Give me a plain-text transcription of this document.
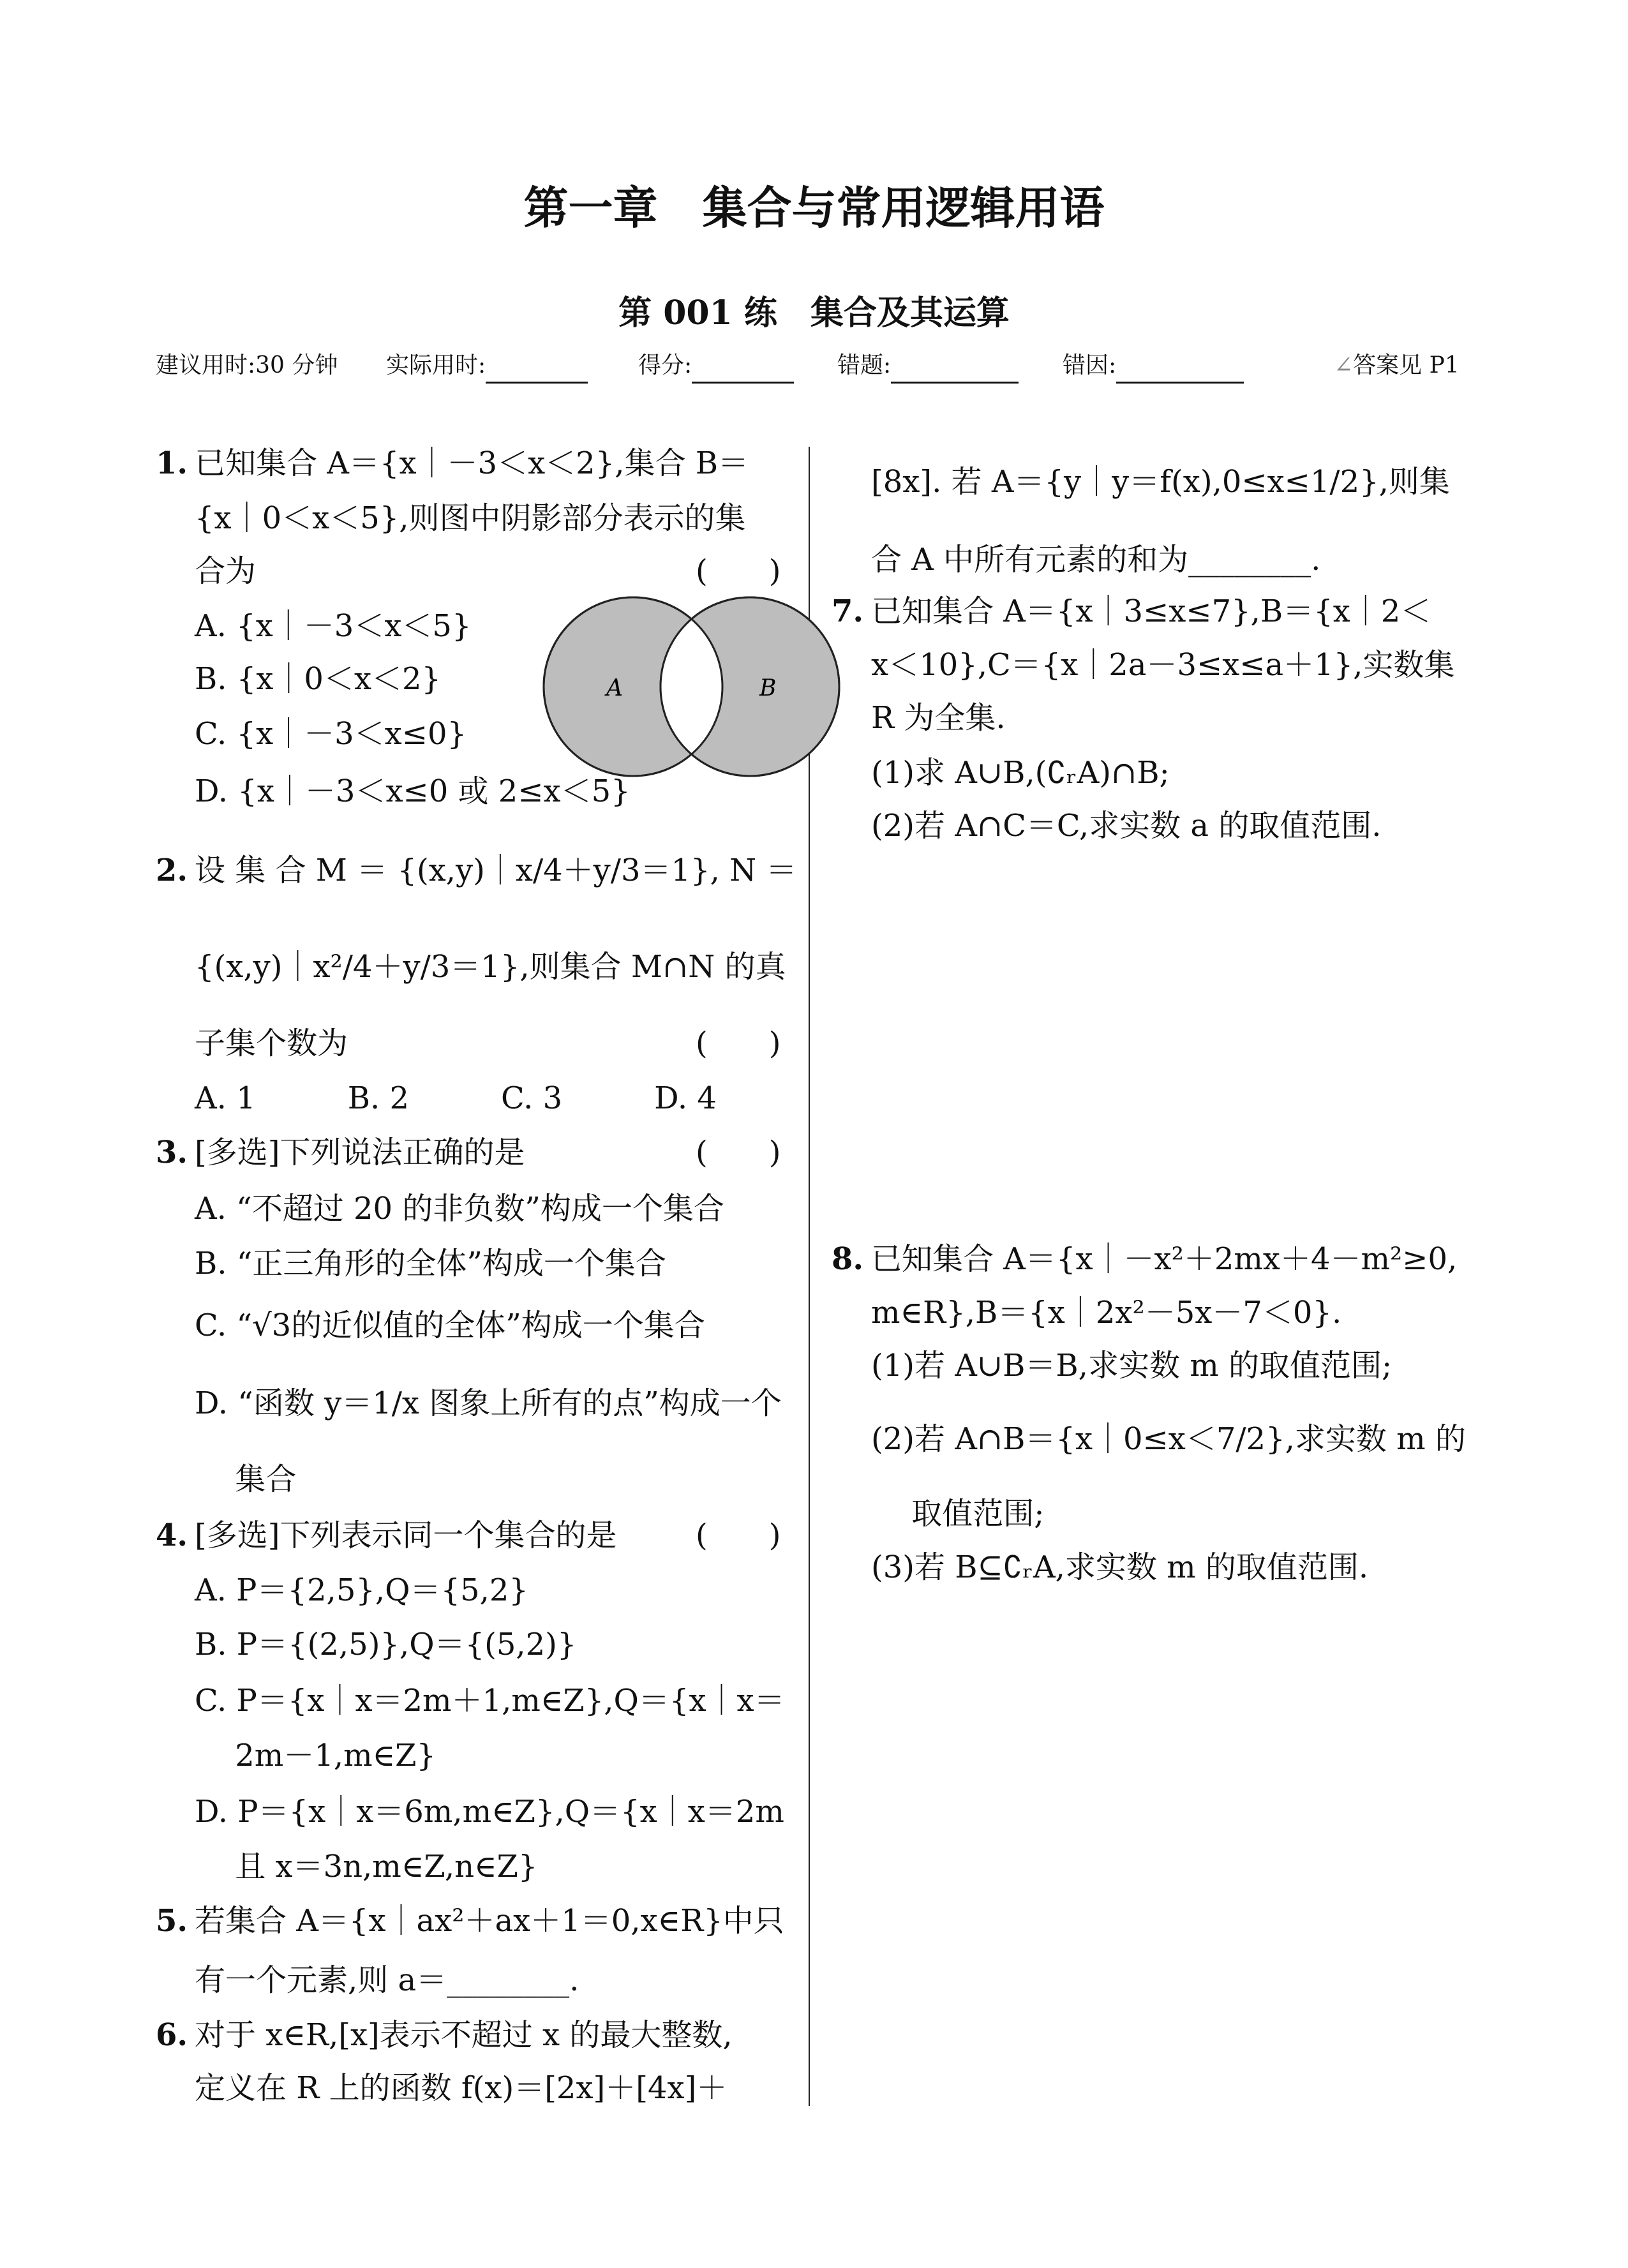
第一章　集合与常用逻辑用语
第 001 练　集合及其运算
建议用时:30 分钟 实际用时:	得分:	错题:	错因:	∠答案见 P1
A	B
1. 已知集合 A＝{x｜－3＜x＜2},集合 B＝
{x｜0＜x＜5},则图中阴影部分表示的集
合为	(　　)
A. {x｜－3＜x＜5}
B. {x｜0＜x＜2}
C. {x｜－3＜x≤0}
D. {x｜－3＜x≤0 或 2≤x＜5}
2. 设 集 合 M ＝ {(x,y)｜x/4＋y/3＝1}, N ＝
{(x,y)｜x²/4＋y/3＝1},则集合 M∩N 的真
子集个数为	(　　)
A. 1　　　B. 2　　　C. 3　　　D. 4
3. [多选]下列说法正确的是	(　　)
A. “不超过 20 的非负数”构成一个集合
B. “正三角形的全体”构成一个集合
C. “√3的近似值的全体”构成一个集合
D. “函数 y＝1/x 图象上所有的点”构成一个
　 集合
4. [多选]下列表示同一个集合的是	(　　)
A. P＝{2,5},Q＝{5,2}
B. P＝{(2,5)},Q＝{(5,2)}
C. P＝{x｜x＝2m＋1,m∈Z},Q＝{x｜x＝
　 2m－1,m∈Z}
D. P＝{x｜x＝6m,m∈Z},Q＝{x｜x＝2m
　 且 x＝3n,m∈Z,n∈Z}
5. 若集合 A＝{x｜ax²＋ax＋1＝0,x∈R}中只
有一个元素,则 a＝________.
6. 对于 x∈R,[x]表示不超过 x 的最大整数,
定义在 R 上的函数 f(x)＝[2x]＋[4x]＋
[8x]. 若 A＝{y｜y＝f(x),0≤x≤1/2},则集
合 A 中所有元素的和为________.
7. 已知集合 A＝{x｜3≤x≤7},B＝{x｜2＜
x＜10},C＝{x｜2a－3≤x≤a＋1},实数集
R 为全集.
(1)求 A∪B,(∁ᵣA)∩B;
(2)若 A∩C＝C,求实数 a 的取值范围.
8. 已知集合 A＝{x｜－x²＋2mx＋4－m²≥0,
m∈R},B＝{x｜2x²－5x－7＜0}.
(1)若 A∪B＝B,求实数 m 的取值范围;
(2)若 A∩B＝{x｜0≤x＜7/2},求实数 m 的
　 取值范围;
(3)若 B⊆∁ᵣA,求实数 m 的取值范围.
